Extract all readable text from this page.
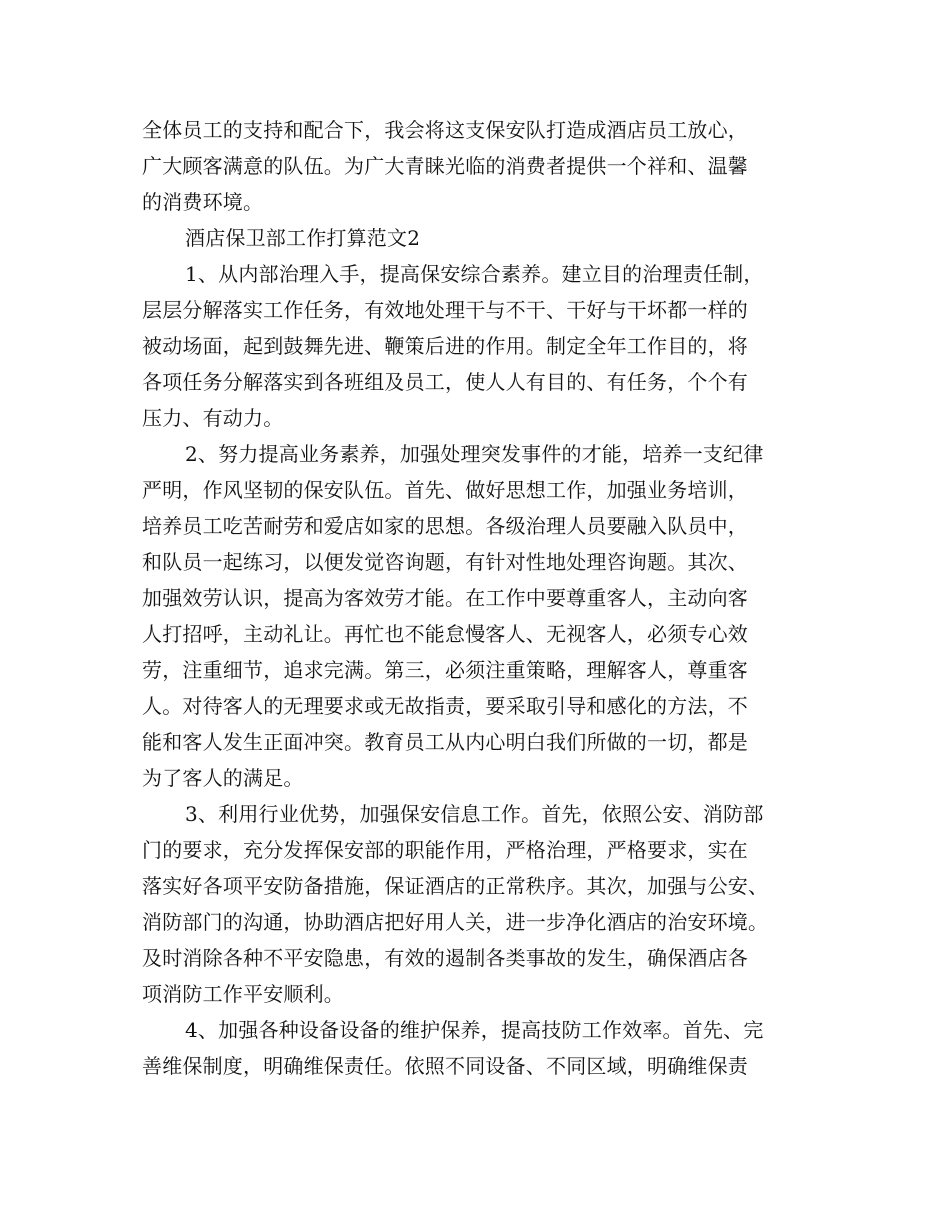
全体员工的支持和配合下，我会将这支保安队打造成酒店员工放心，
广大顾客满意的队伍。为广大青睐光临的消费者提供一个祥和、温馨
的消费环境。
酒店保卫部工作打算范文2
1、从内部治理入手，提高保安综合素养。建立目的治理责任制，
层层分解落实工作任务，有效地处理干与不干、干好与干坏都一样的
被动场面，起到鼓舞先进、鞭策后进的作用。制定全年工作目的，将
各项任务分解落实到各班组及员工，使人人有目的、有任务，个个有
压力、有动力。
2、努力提高业务素养，加强处理突发事件的才能，培养一支纪律
严明，作风坚韧的保安队伍。首先、做好思想工作，加强业务培训，
培养员工吃苦耐劳和爱店如家的思想。各级治理人员要融入队员中，
和队员一起练习，以便发觉咨询题，有针对性地处理咨询题。其次、
加强效劳认识，提高为客效劳才能。在工作中要尊重客人，主动向客
人打招呼，主动礼让。再忙也不能怠慢客人、无视客人，必须专心效
劳，注重细节，追求完满。第三，必须注重策略，理解客人，尊重客
人。对待客人的无理要求或无故指责，要采取引导和感化的方法，不
能和客人发生正面冲突。教育员工从内心明白我们所做的一切，都是
为了客人的满足。
3、利用行业优势，加强保安信息工作。首先，依照公安、消防部
门的要求，充分发挥保安部的职能作用，严格治理，严格要求，实在
落实好各项平安防备措施，保证酒店的正常秩序。其次，加强与公安、
消防部门的沟通，协助酒店把好用人关，进一步净化酒店的治安环境。
及时消除各种不平安隐患，有效的遏制各类事故的发生，确保酒店各
项消防工作平安顺利。
4、加强各种设备设备的维护保养，提高技防工作效率。首先、完
善维保制度，明确维保责任。依照不同设备、不同区域，明确维保责
